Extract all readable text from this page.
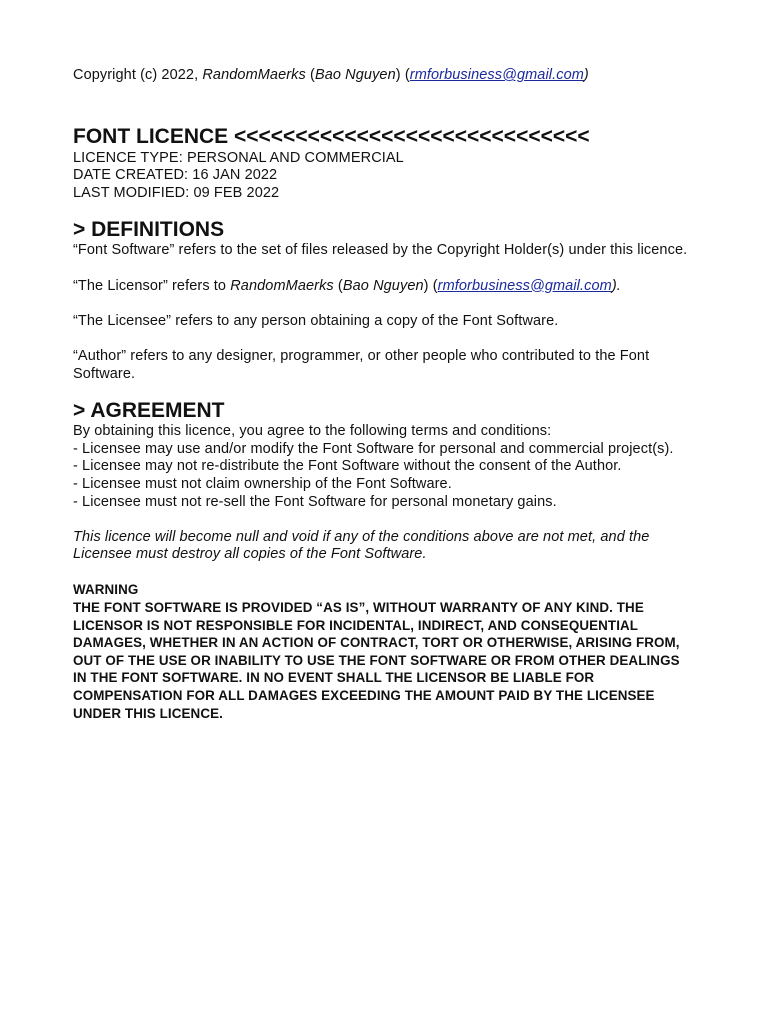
Copyright (c) 2022, RandomMaerks (Bao Nguyen) (rmforbusiness@gmail.com)

FONT LICENCE <<<<<<<<<<<<<<<<<<<<<<<<<<<<<

LICENCE TYPE: PERSONAL AND COMMERCIAL

DATE CREATED: 16 JAN 2022

LAST MODIFIED: 09 FEB 2022

> DEFINITIONS

“Font Software” refers to the set of files released by the Copyright Holder(s) under this licence.

“The Licensor” refers to RandomMaerks (Bao Nguyen) (rmforbusiness@gmail.com).

“The Licensee” refers to any person obtaining a copy of the Font Software.

“Author” refers to any designer, programmer, or other people who contributed to the Font Software.

> AGREEMENT

By obtaining this licence, you agree to the following terms and conditions:

- Licensee may use and/or modify the Font Software for personal and commercial project(s).

- Licensee may not re-distribute the Font Software without the consent of the Author.

- Licensee must not claim ownership of the Font Software.

- Licensee must not re-sell the Font Software for personal monetary gains.

This licence will become null and void if any of the conditions above are not met, and the Licensee must destroy all copies of the Font Software.

WARNING

THE FONT SOFTWARE IS PROVIDED “AS IS”, WITHOUT WARRANTY OF ANY KIND. THE LICENSOR IS NOT RESPONSIBLE FOR INCIDENTAL, INDIRECT, AND CONSEQUENTIAL DAMAGES, WHETHER IN AN ACTION OF CONTRACT, TORT OR OTHERWISE, ARISING FROM, OUT OF THE USE OR INABILITY TO USE THE FONT SOFTWARE OR FROM OTHER DEALINGS IN THE FONT SOFTWARE. IN NO EVENT SHALL THE LICENSOR BE LIABLE FOR COMPENSATION FOR ALL DAMAGES EXCEEDING THE AMOUNT PAID BY THE LICENSEE UNDER THIS LICENCE.
